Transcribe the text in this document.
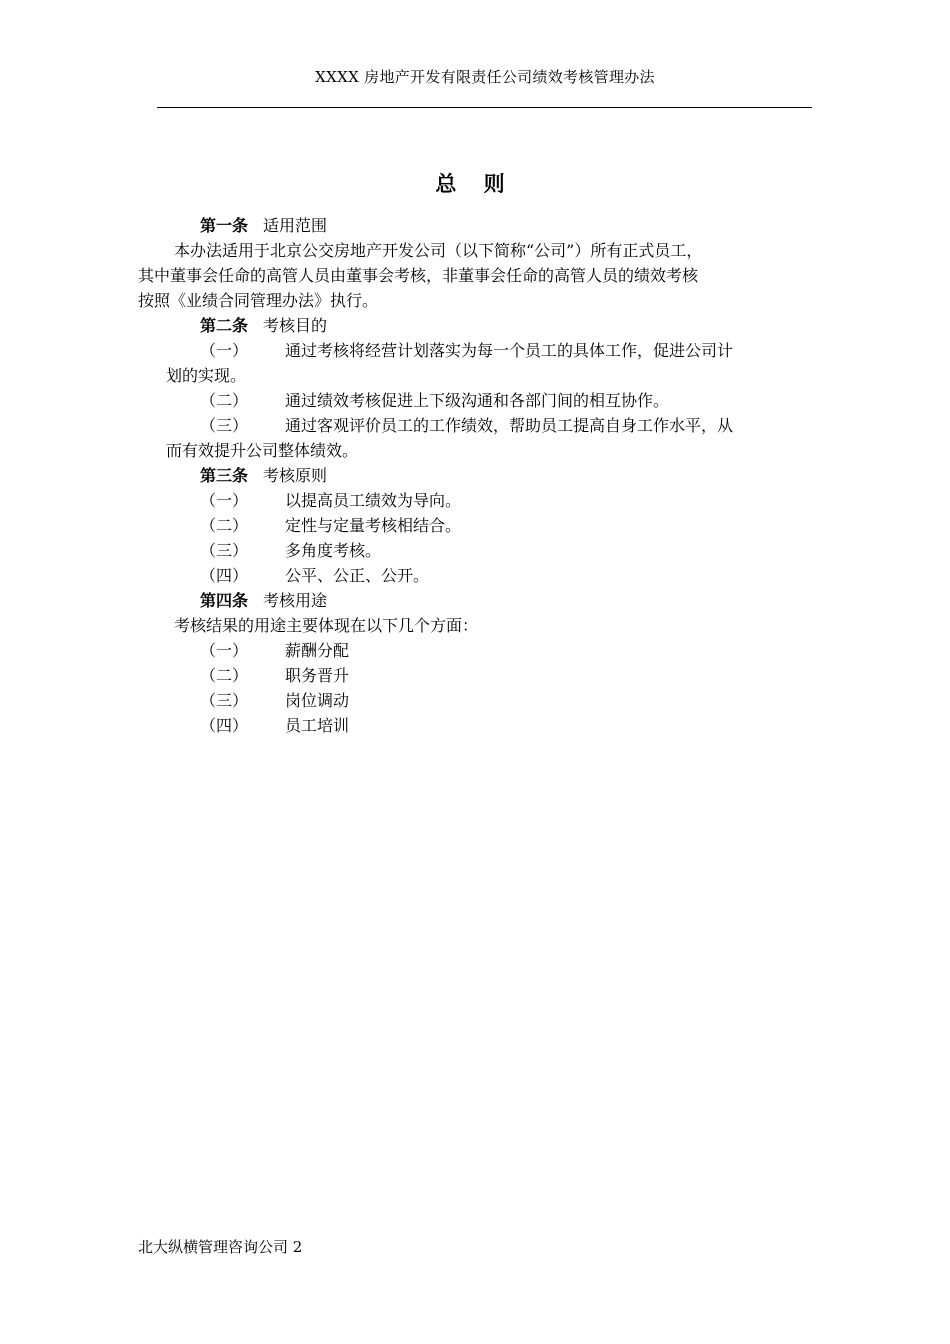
XXXX 房地产开发有限责任公司绩效考核管理办法
总 则
第一条 适用范围
本办法适用于北京公交房地产开发公司（以下简称“公司”）所有正式员工，
其中董事会任命的高管人员由董事会考核，非董事会任命的高管人员的绩效考核
按照《业绩合同管理办法》执行。
第二条 考核目的
（一） 通过考核将经营计划落实为每一个员工的具体工作，促进公司计
划的实现。
（二） 通过绩效考核促进上下级沟通和各部门间的相互协作。
（三） 通过客观评价员工的工作绩效，帮助员工提高自身工作水平，从
而有效提升公司整体绩效。
第三条 考核原则
（一） 以提高员工绩效为导向。
（二） 定性与定量考核相结合。
（三） 多角度考核。
（四） 公平、公正、公开。
第四条 考核用途
考核结果的用途主要体现在以下几个方面：
（一） 薪酬分配
（二） 职务晋升
（三） 岗位调动
（四） 员工培训
北大纵横管理咨询公司 2
